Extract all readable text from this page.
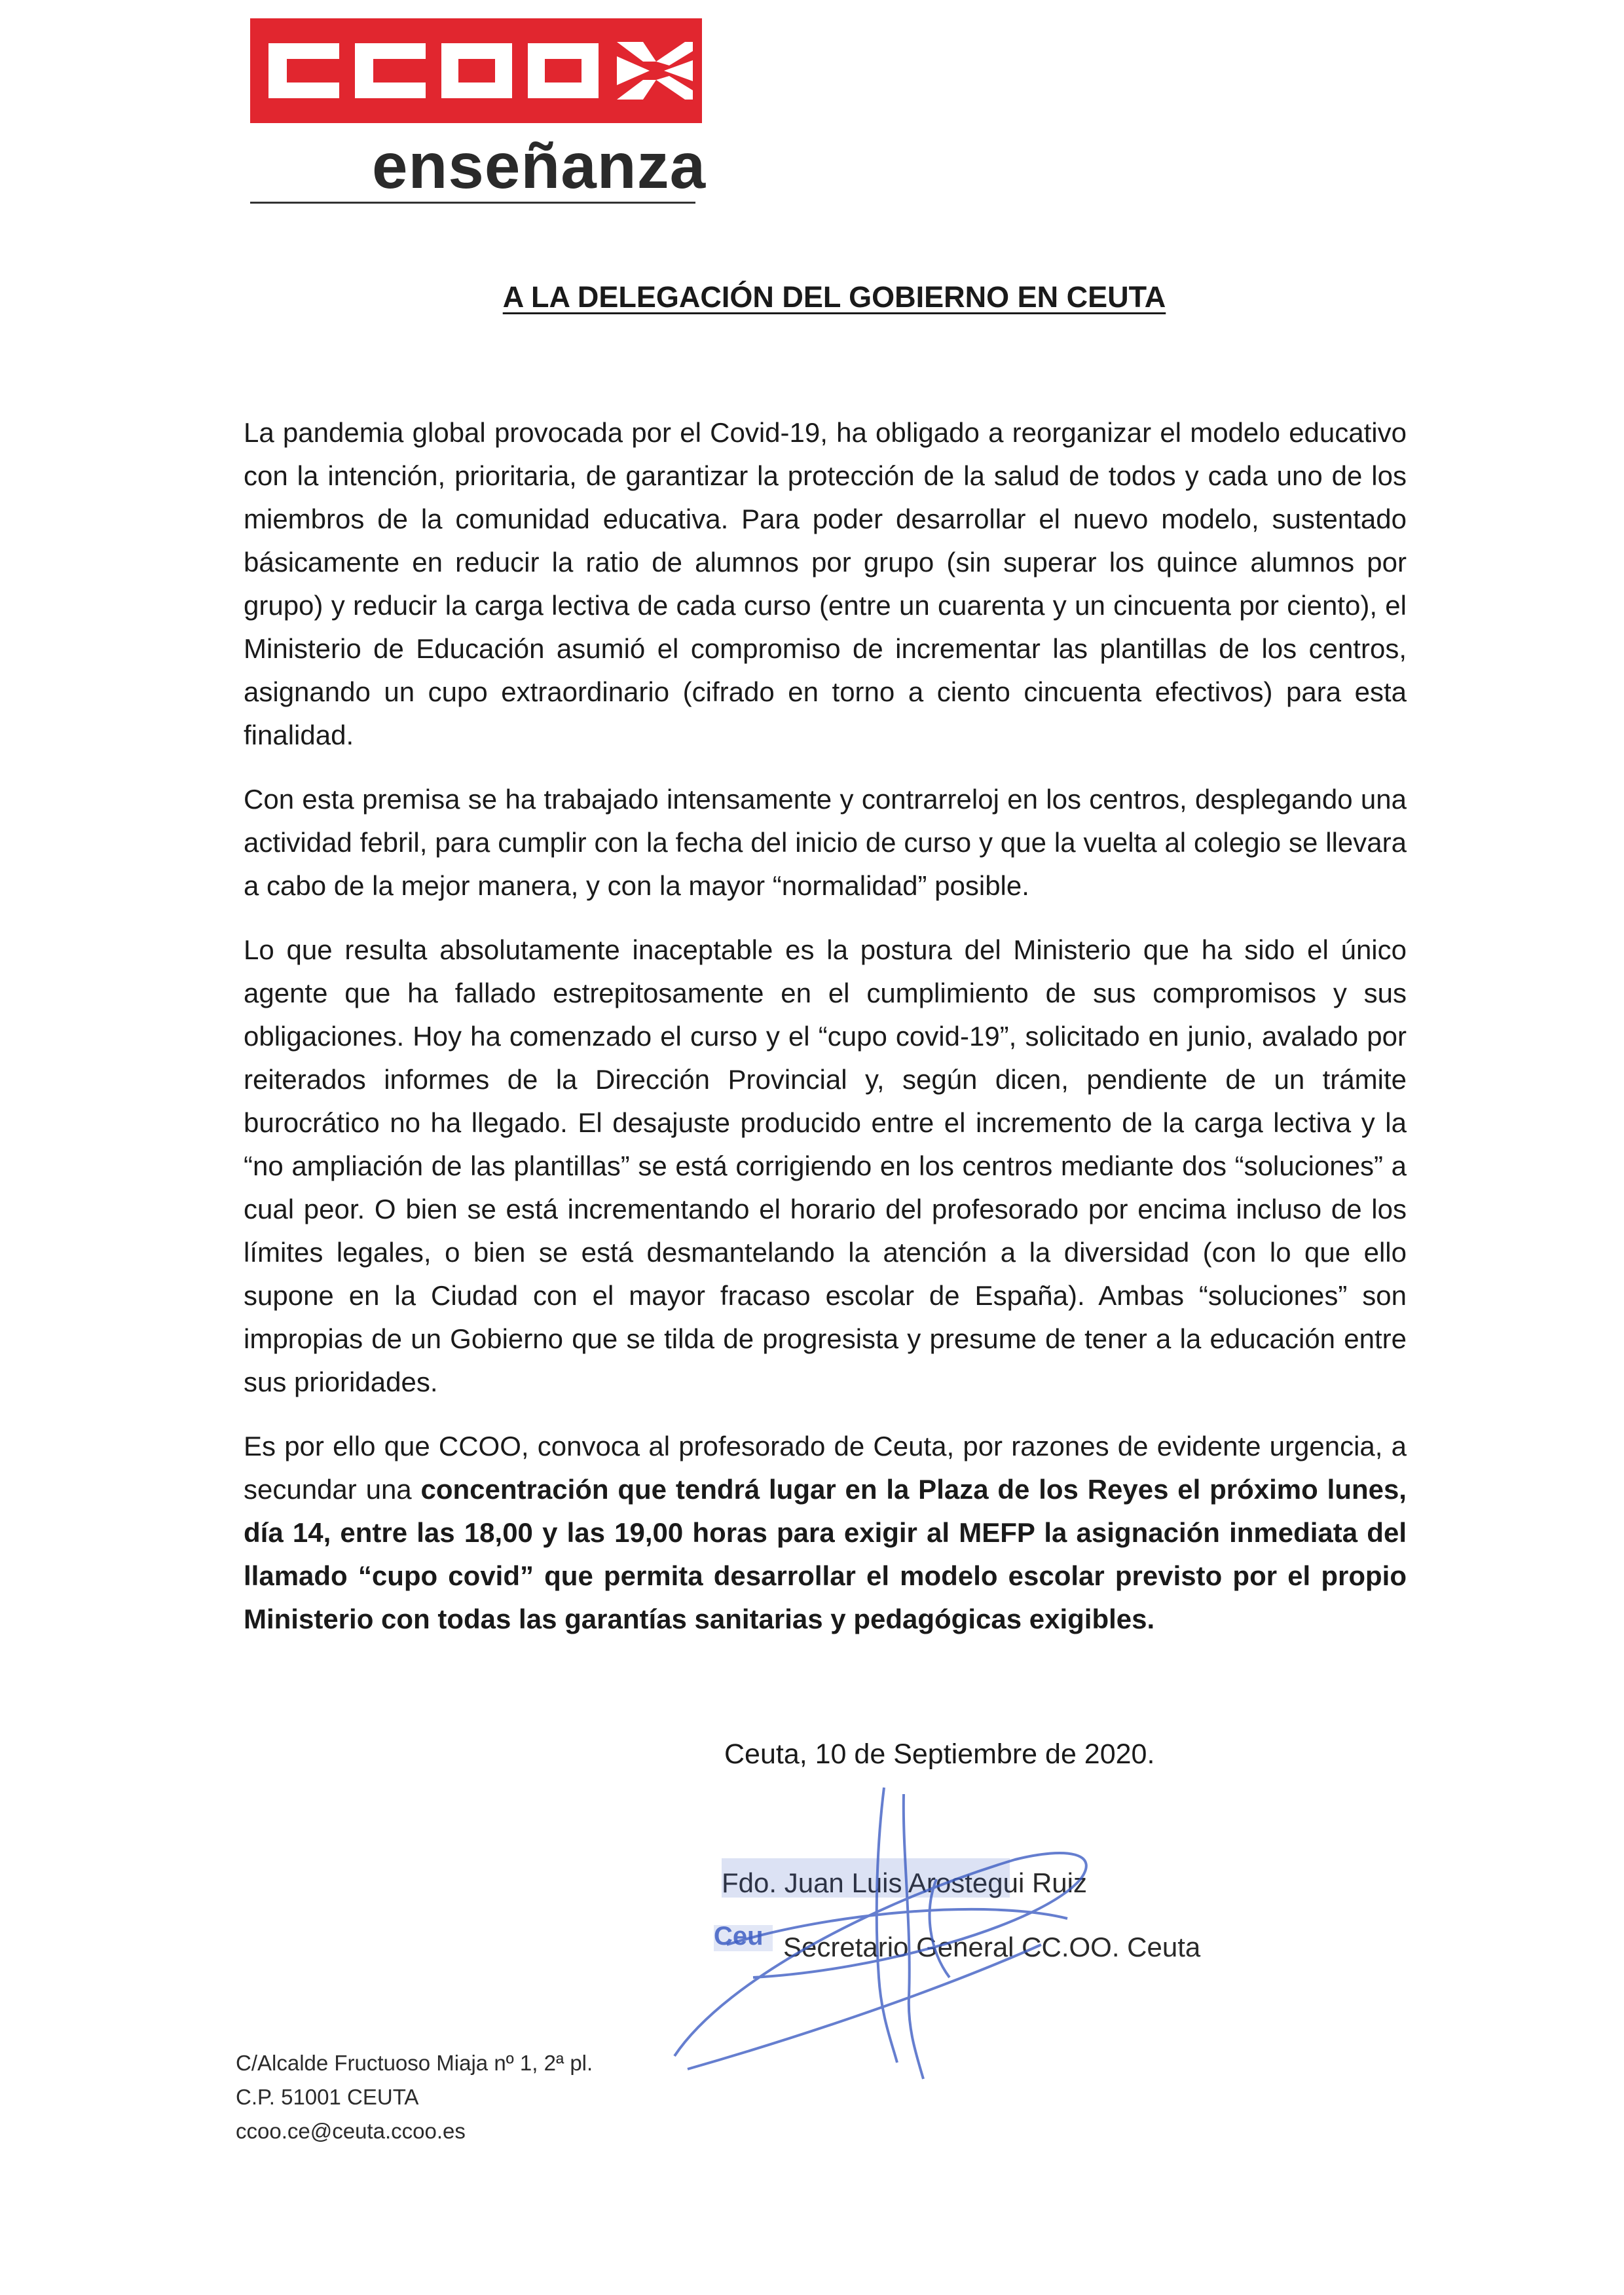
enseñanza
A LA DELEGACIÓN DEL GOBIERNO EN CEUTA

La pandemia global provocada por el Covid-19, ha obligado a reorganizar el modelo educativo con la intención, prioritaria, de garantizar la protección de la salud de todos y cada uno de los miembros de la comunidad educativa. Para poder desarrollar el nuevo modelo, sustentado básicamente en reducir la ratio de alumnos por grupo (sin superar los quince alumnos por grupo) y reducir la carga lectiva de cada curso (entre un cuarenta y un cincuenta por ciento), el Ministerio de Educación asumió el compromiso de incrementar las plantillas de los centros, asignando un cupo extraordinario (cifrado en torno a ciento cincuenta efectivos) para esta finalidad.

Con esta premisa se ha trabajado intensamente y contrarreloj en los centros, desplegando una actividad febril, para cumplir con la fecha del inicio de curso y que la vuelta al colegio se llevara a cabo de la mejor manera, y con la mayor “normalidad” posible.

Lo que resulta absolutamente inaceptable es la postura del Ministerio que ha sido el único agente que ha fallado estrepitosamente en el cumplimiento de sus compromisos y sus obligaciones. Hoy ha comenzado el curso y el “cupo covid-19”, solicitado en junio, avalado por reiterados informes de la Dirección Provincial y, según dicen, pendiente de un trámite burocrático no ha llegado. El desajuste producido entre el incremento de la carga lectiva y la “no ampliación de las plantillas” se está corrigiendo en los centros mediante dos “soluciones” a cual peor. O bien se está incrementando el horario del profesorado por encima incluso de los límites legales, o bien se está desmantelando la atención a la diversidad (con lo que ello supone en la Ciudad con el mayor fracaso escolar de España). Ambas “soluciones” son impropias de un Gobierno que se tilda de progresista y presume de tener a la educación entre sus prioridades.

Es por ello que CCOO, convoca al profesorado de Ceuta, por razones de evidente urgencia, a secundar una concentración que tendrá lugar en la Plaza de los Reyes el próximo lunes, día 14, entre las 18,00 y las 19,00 horas para exigir al MEFP la asignación inmediata del llamado “cupo covid” que permita desarrollar el modelo escolar previsto por el propio Ministerio con todas las garantías sanitarias y pedagógicas exigibles.

Ceuta, 10 de Septiembre de 2020.
Fdo. Juan Luis Arostegui Ruiz
Secretario General CC.OO. Ceuta
Ceu
C/Alcalde Fructuoso Miaja nº 1, 2ª pl.
C.P. 51001 CEUTA
ccoo.ce@ceuta.ccoo.es
